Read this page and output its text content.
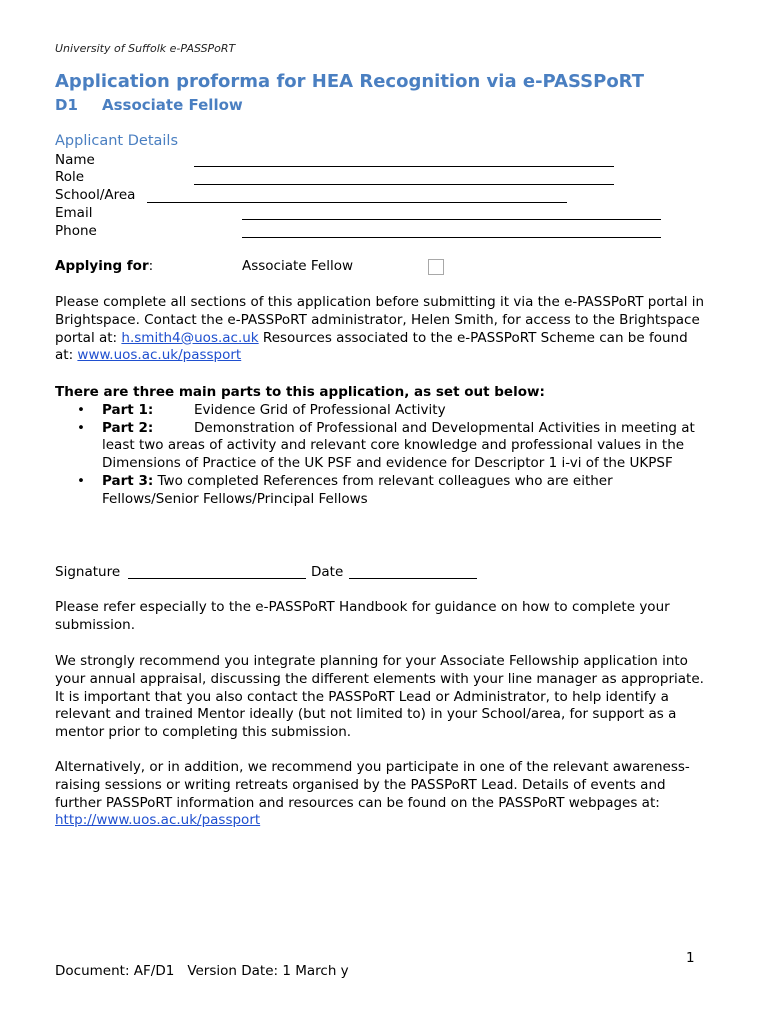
University of Suffolk e-PASSPoRT
Application proforma for HEA Recognition via e-PASSPoRT
D1 Associate Fellow
Applicant Details
Name
Role
School/Area
Email
Phone
Applying for:	Associate Fellow

Please complete all sections of this application before submitting it via the e-PASSPoRT portal in Brightspace. Contact the e-PASSPoRT administrator, Helen Smith, for access to the Brightspace portal at: h.smith4@uos.ac.uk Resources associated to the e-PASSPoRT Scheme can be found at: www.uos.ac.uk/passport

There are three main parts to this application, as set out below:
• Part 1:	Evidence Grid of Professional Activity
• Part 2:	Demonstration of Professional and Developmental Activities in meeting at least two areas of activity and relevant core knowledge and professional values in the Dimensions of Practice of the UK PSF and evidence for Descriptor 1 i-vi of the UKPSF
• Part 3: Two completed References from relevant colleagues who are either Fellows/Senior Fellows/Principal Fellows
Signature	Date
Please refer especially to the e-PASSPoRT Handbook for guidance on how to complete your submission.
We strongly recommend you integrate planning for your Associate Fellowship application into your annual appraisal, discussing the different elements with your line manager as appropriate. It is important that you also contact the PASSPoRT Lead or Administrator, to help identify a relevant and trained Mentor ideally (but not limited to) in your School/area, for support as a mentor prior to completing this submission.

Alternatively, or in addition, we recommend you participate in one of the relevant awareness-raising sessions or writing retreats organised by the PASSPoRT Lead. Details of events and further PASSPoRT information and resources can be found on the PASSPoRT webpages at: http://www.uos.ac.uk/passport

1
Document: AF/D1 Version Date: 1 March y
